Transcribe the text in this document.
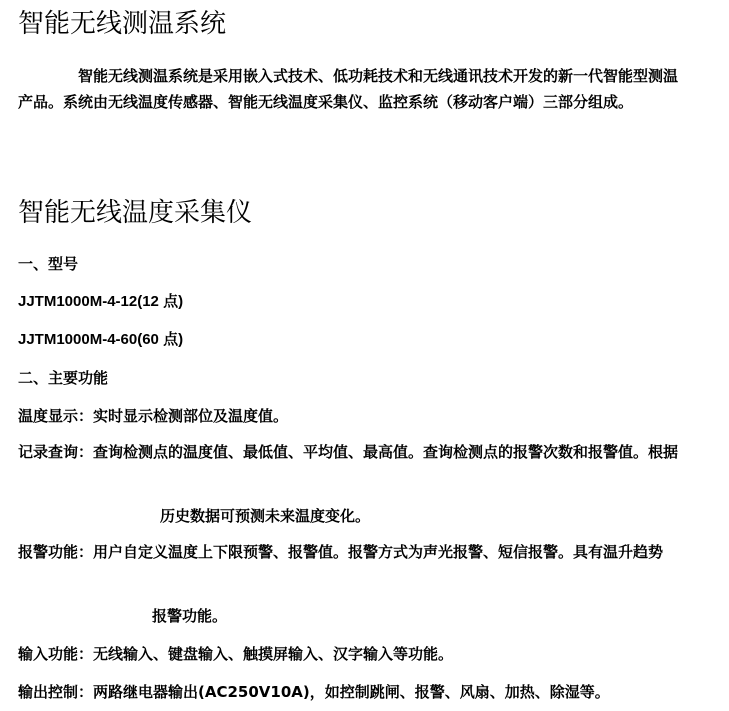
智能无线测温系统

智能无线测温系统是采用嵌入式技术、低功耗技术和无线通讯技术开发的新一代智能型测温产品。系统由无线温度传感器、智能无线温度采集仪、监控系统（移动客户端）三部分组成。

智能无线温度采集仪
一、型号
JJTM1000M-4-12(12 点)
JJTM1000M-4-60(60 点)
二、主要功能
温度显示：实时显示检测部位及温度值。
记录查询：查询检测点的温度值、最低值、平均值、最高值。查询检测点的报警次数和报警值。根据
历史数据可预测未来温度变化。
报警功能：用户自定义温度上下限预警、报警值。报警方式为声光报警、短信报警。具有温升趋势
报警功能。
输入功能：无线输入、键盘输入、触摸屏输入、汉字输入等功能。
输出控制：两路继电器输出(AC250V10A)，如控制跳闸、报警、风扇、加热、除湿等。
